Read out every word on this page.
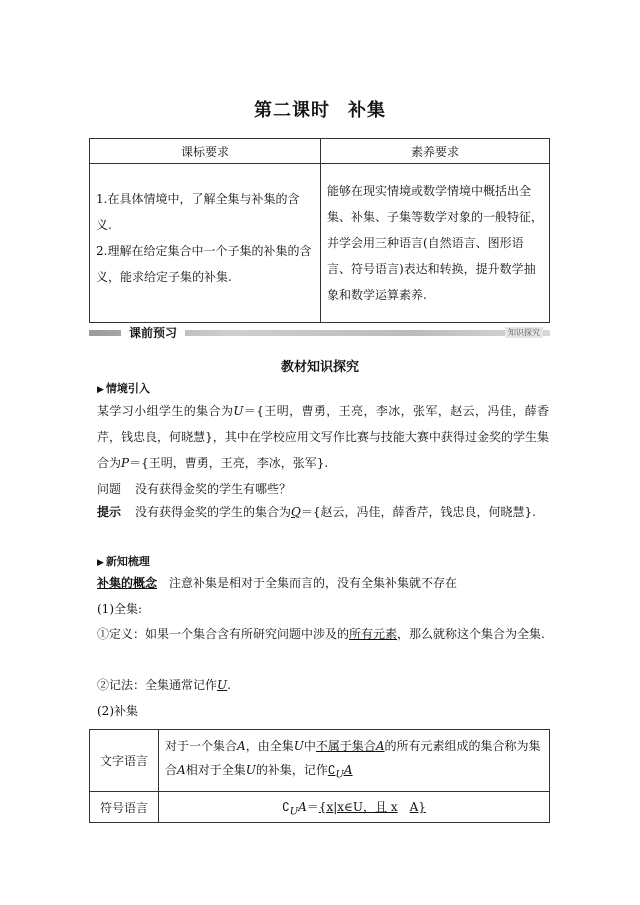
第二课时 补集
课标要求	素养要求

1.在具体情境中，了解全集与补集的含义.
2.理解在给定集合中一个子集的补集的含义，能求给定子集的补集.	能够在现实情境或数学情境中概括出全集、补集、子集等数学对象的一般特征，并学会用三种语言(自然语言、图形语言、符号语言)表达和转换，提升数学抽象和数学运算素养.
课前预习	知识探究
教材知识探究
▶ 情境引入
某学习小组学生的集合为U＝{王明，曹勇，王亮，李冰，张军，赵云，冯佳，薛香芹，钱忠良，何晓慧}，其中在学校应用文写作比赛与技能大赛中获得过金奖的学生集合为P＝{王明，曹勇，王亮，李冰，张军}.
问题 没有获得金奖的学生有哪些？
提示 没有获得金奖的学生的集合为Q＝{赵云，冯佳，薛香芹，钱忠良，何晓慧}.
▶ 新知梳理
补集的概念 注意补集是相对于全集而言的，没有全集补集就不存在
(1)全集:
①定义：如果一个集合含有所研究问题中涉及的所有元素，那么就称这个集合为全集.
②记法：全集通常记作U.
(2)补集
文字语言	对于一个集合A，由全集U中不属于集合A的所有元素组成的集合称为集合A相对于全集U的补集，记作$∁_UA$
符号语言	$∁_UA=\{x|x\in U$，且 x A}
